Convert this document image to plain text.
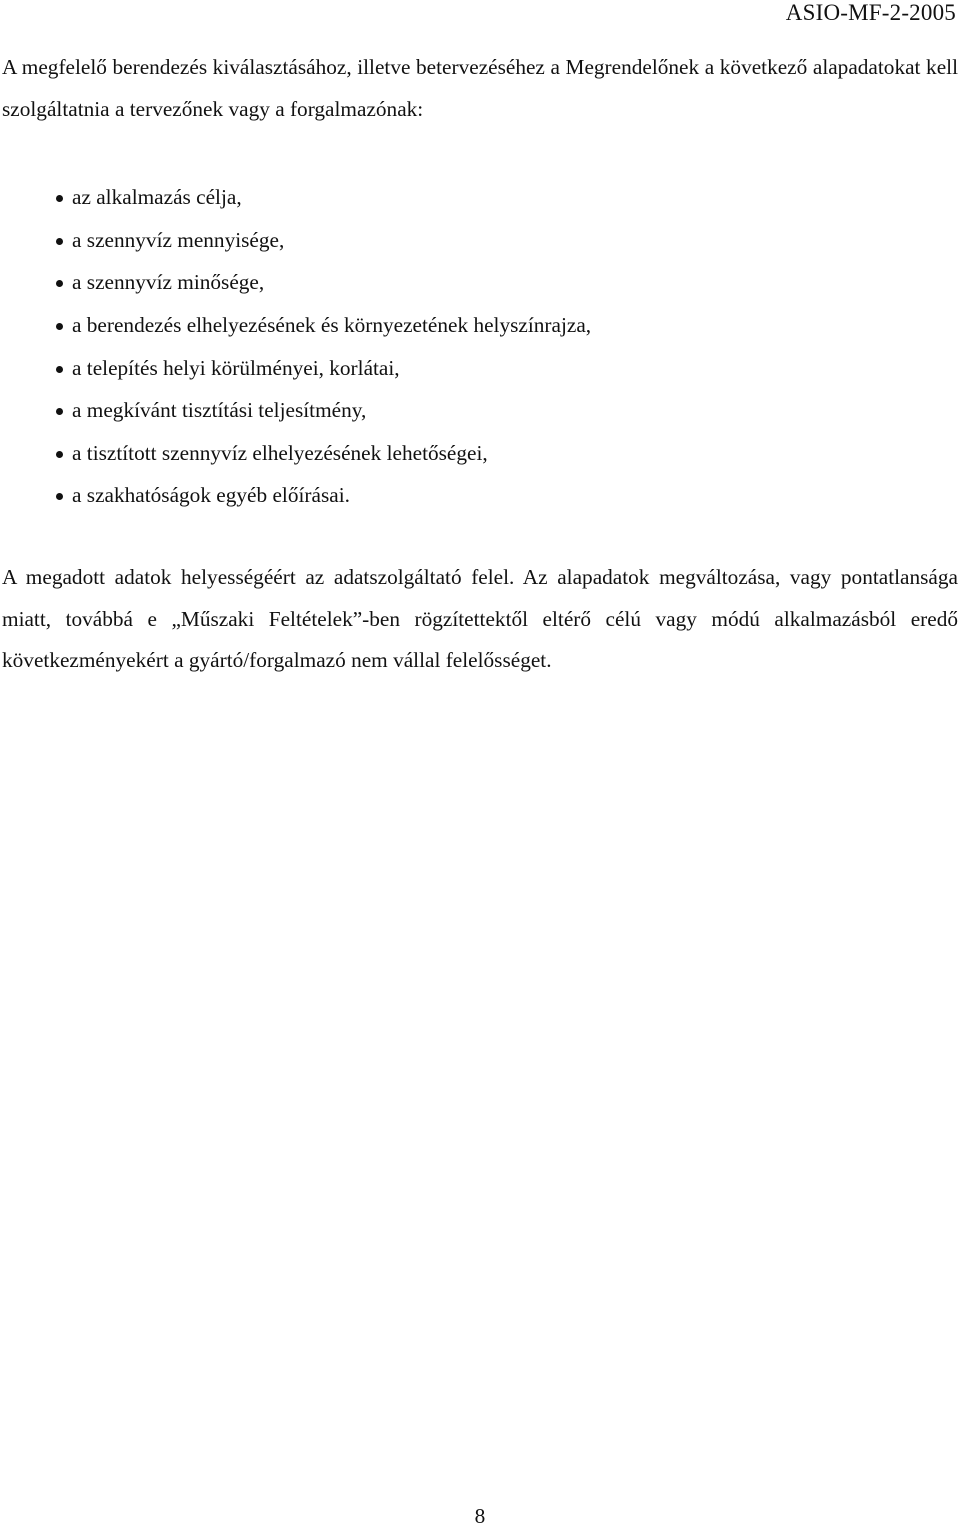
ASIO-MF-2-2005
A megfelelő berendezés kiválasztásához, illetve betervezéséhez a Megrendelőnek a következő alapadatokat kell szolgáltatnia a tervezőnek vagy a forgalmazónak:
az alkalmazás célja,
a szennyvíz mennyisége,
a szennyvíz minősége,
a berendezés elhelyezésének és környezetének helyszínrajza,
a telepítés helyi körülményei, korlátai,
a megkívánt tisztítási teljesítmény,
a tisztított szennyvíz elhelyezésének lehetőségei,
a szakhatóságok egyéb előírásai.
A megadott adatok helyességéért az adatszolgáltató felel. Az alapadatok megváltozása, vagy pontatlansága miatt, továbbá e „Műszaki Feltételek”-ben rögzítettektől eltérő célú vagy módú alkalmazásból eredő következményekért a gyártó/forgalmazó nem vállal felelősséget.
8
